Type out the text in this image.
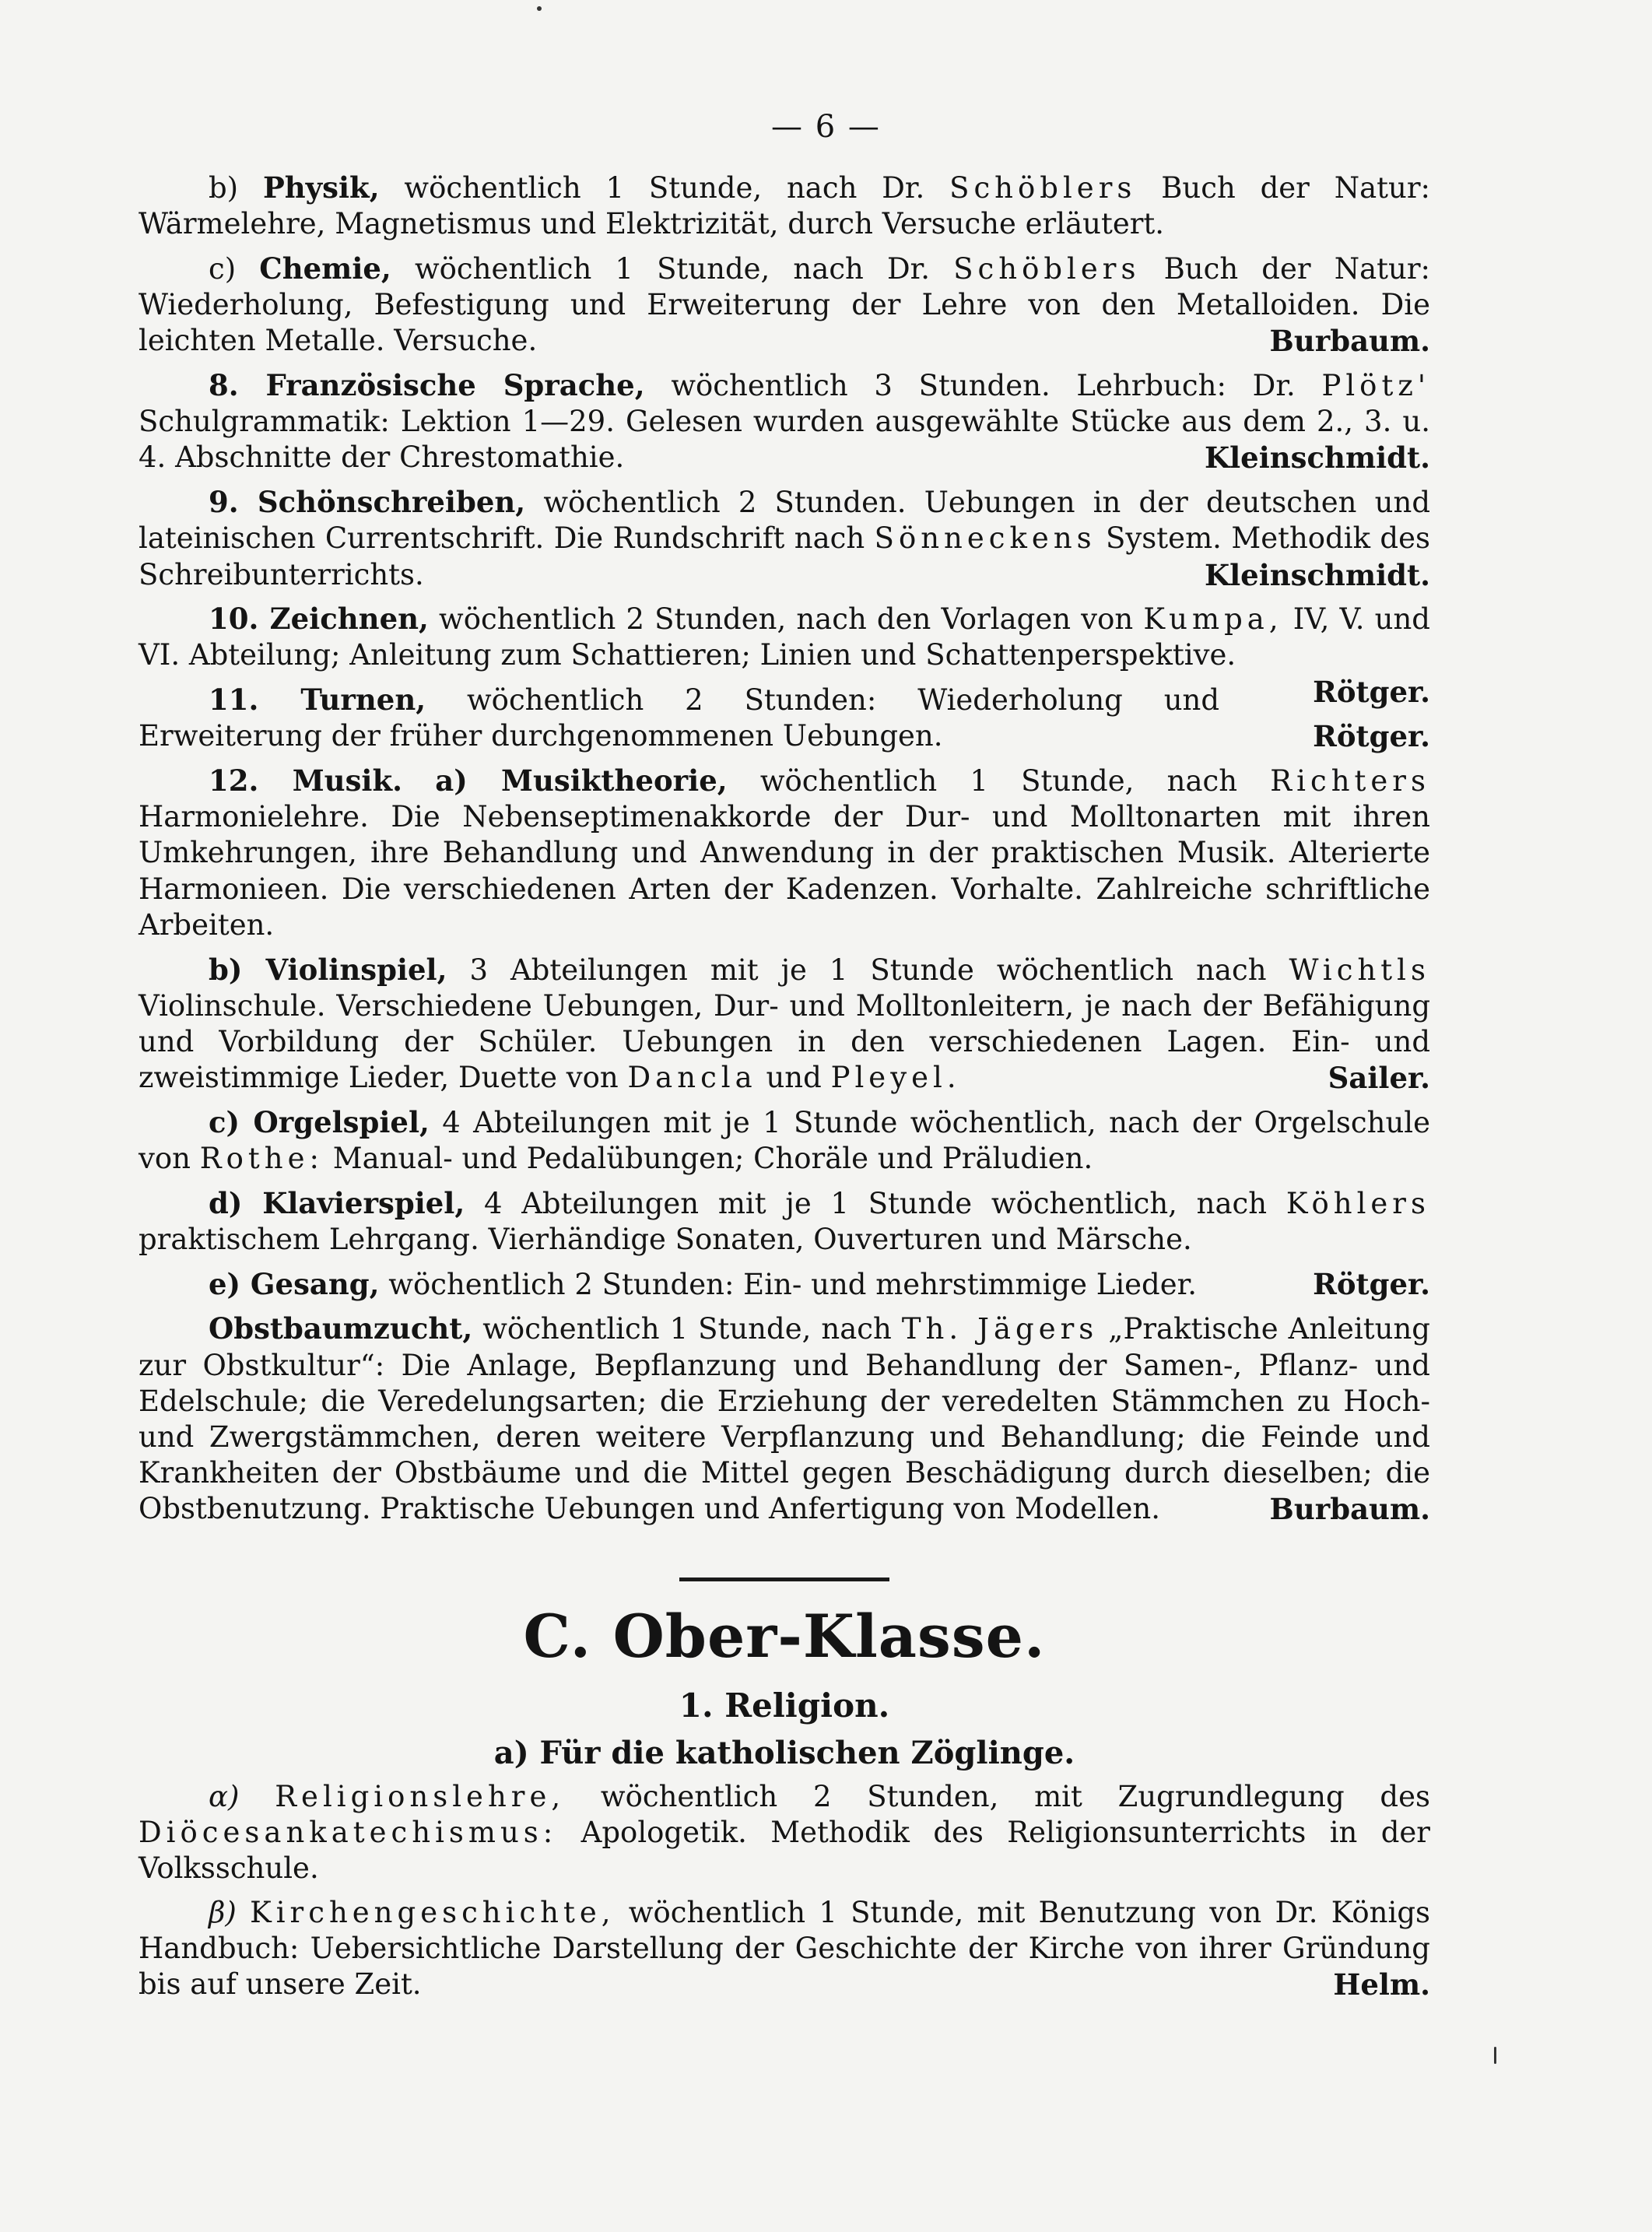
— 6 —
b) Physik, wöchentlich 1 Stunde, nach Dr. Schöblers Buch der Natur: Wärmelehre, Magnetismus und Elektrizität, durch Versuche erläutert.
c) Chemie, wöchentlich 1 Stunde, nach Dr. Schöblers Buch der Natur: Wiederholung, Befestigung und Erweiterung der Lehre von den Metalloiden. Die leichten Metalle. Versuche.	Burbaum.
8. Französische Sprache, wöchentlich 3 Stunden. Lehrbuch: Dr. Plötz' Schulgrammatik: Lektion 1—29. Gelesen wurden ausgewählte Stücke aus dem 2., 3. u. 4. Abschnitte der Chrestomathie.	Kleinschmidt.
9. Schönschreiben, wöchentlich 2 Stunden. Uebungen in der deutschen und lateinischen Currentschrift. Die Rundschrift nach Sönneckens System. Methodik des Schreibunterrichts.	Kleinschmidt.
10. Zeichnen, wöchentlich 2 Stunden, nach den Vorlagen von Kumpa, IV, V. und VI. Abteilung; Anleitung zum Schattieren; Linien und Schattenperspektive.
Rötger.
11. Turnen, wöchentlich 2 Stunden: Wiederholung und Erweiterung der früher durchgenommenen Uebungen.	Rötger.
12. Musik. a) Musiktheorie, wöchentlich 1 Stunde, nach Richters Harmonielehre. Die Nebenseptimenakkorde der Dur- und Molltonarten mit ihren Umkehrungen, ihre Behandlung und Anwendung in der praktischen Musik. Alterierte Harmonieen. Die verschiedenen Arten der Kadenzen. Vorhalte. Zahlreiche schriftliche Arbeiten.
b) Violinspiel, 3 Abteilungen mit je 1 Stunde wöchentlich nach Wichtls Violinschule. Verschiedene Uebungen, Dur- und Molltonleitern, je nach der Befähigung und Vorbildung der Schüler. Uebungen in den verschiedenen Lagen. Ein- und zweistimmige Lieder, Duette von Dancla und Pleyel.	Sailer.
c) Orgelspiel, 4 Abteilungen mit je 1 Stunde wöchentlich, nach der Orgelschule von Rothe: Manual- und Pedalübungen; Choräle und Präludien.
d) Klavierspiel, 4 Abteilungen mit je 1 Stunde wöchentlich, nach Köhlers praktischem Lehrgang. Vierhändige Sonaten, Ouverturen und Märsche.
e) Gesang, wöchentlich 2 Stunden: Ein- und mehrstimmige Lieder.	Rötger.
Obstbaumzucht, wöchentlich 1 Stunde, nach Th. Jägers „Praktische Anleitung zur Obstkultur“: Die Anlage, Bepflanzung und Behandlung der Samen-, Pflanz- und Edelschule; die Veredelungsarten; die Erziehung der veredelten Stämmchen zu Hoch- und Zwergstämmchen, deren weitere Verpflanzung und Behandlung; die Feinde und Krankheiten der Obstbäume und die Mittel gegen Beschädigung durch dieselben; die Obstbenutzung. Praktische Uebungen und Anfertigung von Modellen.	Burbaum.
C. Ober-Klasse.
1. Religion.
a) Für die katholischen Zöglinge.
α) Religionslehre, wöchentlich 2 Stunden, mit Zugrundlegung des Diöcesankatechismus: Apologetik. Methodik des Religionsunterrichts in der Volksschule.
β) Kirchengeschichte, wöchentlich 1 Stunde, mit Benutzung von Dr. Königs Handbuch: Uebersichtliche Darstellung der Geschichte der Kirche von ihrer Gründung bis auf unsere Zeit.	Helm.
